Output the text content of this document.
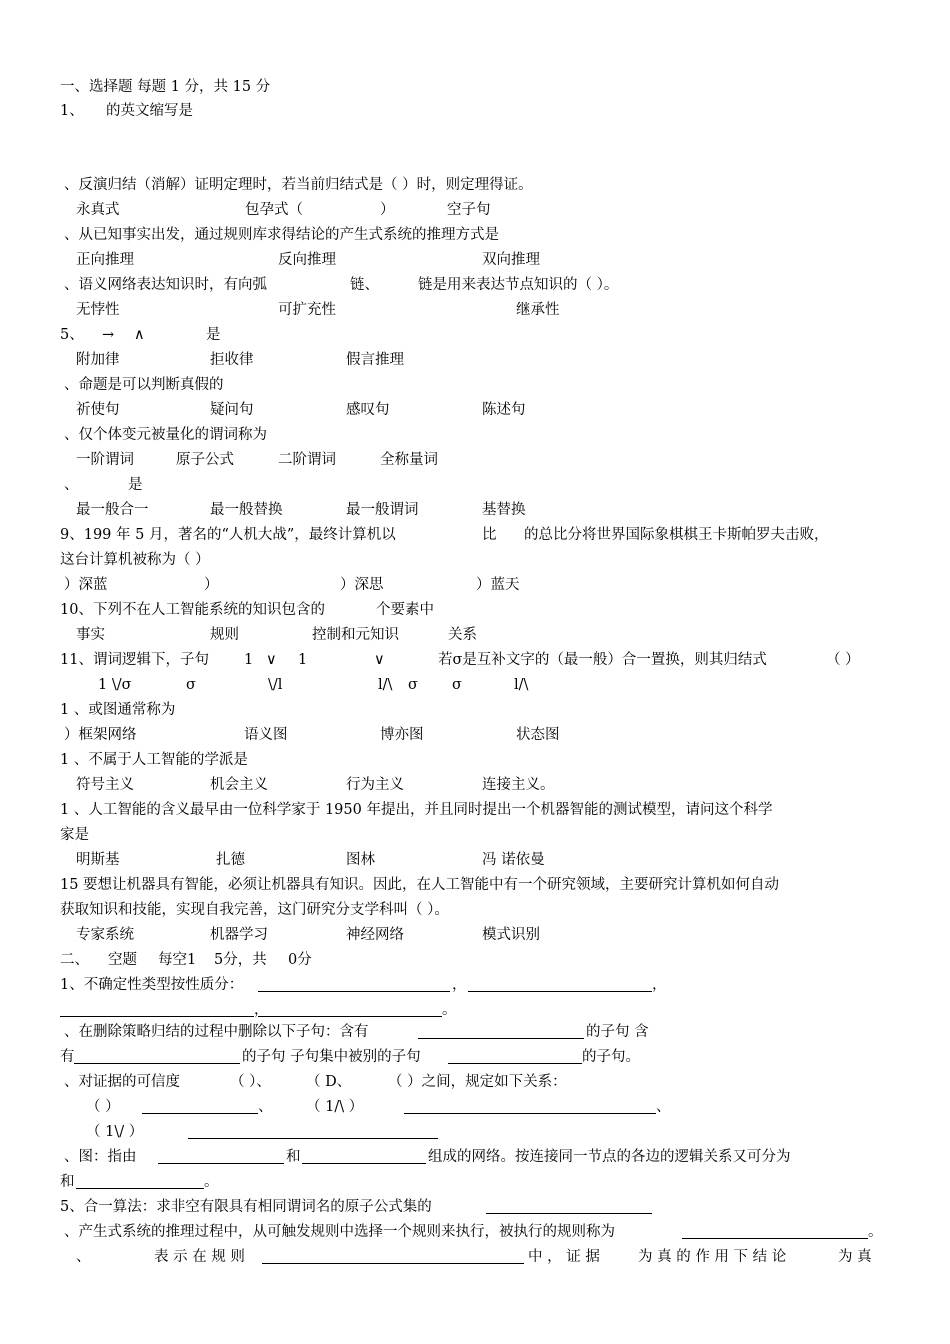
一、选择题 每题 1 分，共 15 分
1、 的英文缩写是
、反演归结（消解）证明定理时，若当前归结式是（ ）时，则定理得证。
永真式	包孕式（	）	空子句
、从已知事实出发，通过规则库求得结论的产生式系统的推理方式是
正向推理	反向推理	双向推理
、语义网络表达知识时，有向弧	链、	链是用来表达节点知识的（ ）。
无悖性	可扩充性	继承性
5、 → ∧	是
附加律	拒收律	假言推理
、命题是可以判断真假的
祈使句	疑问句	感叹句	陈述句
、仅个体变元被量化的谓词称为
一阶谓词	原子公式	二阶谓词	全称量词
、	是
最一般合一	最一般替换	最一般谓词	基替换
9、199 年 5 月，著名的“人机大战”，最终计算机以	比 的总比分将世界国际象棋棋王卡斯帕罗夫击败，
这台计算机被称为（ ）
）深蓝	）	）深思	）蓝天
10、下列不在人工智能系统的知识包含的	个要素中
事实	规则	控制和元知识	关系
11、谓词逻辑下，子句 1 ∨ 1	∨	若σ是互补文字的（最一般）合一置换，则其归结式	（ ）
1 \/σ	σ	\/l	l/\ σ σ	l/\
1 、或图通常称为
）框架网络	语义图	博亦图	状态图
1 、不属于人工智能的学派是
符号主义	机会主义	行为主义	连接主义。
1 、人工智能的含义最早由一位科学家于 1950 年提出，并且同时提出一个机器智能的测试模型，请问这个科学
家是
明斯基	扎德	图林	冯 诺依曼
15 要想让机器具有智能，必须让机器具有知识。因此，在人工智能中有一个研究领域，主要研究计算机如何自动
获取知识和技能，实现自我完善，这门研究分支学科叫（ ）。
专家系统	机器学习	神经网络	模式识别
二、 空题 每空1 5分，共 0分
1、不确定性类型按性质分：	，	，
，	。
、在删除策略归结的过程中删除以下子句：含有	的子句 含
有	的子句 子句集中被别的子句	的子句。
、对证据的可信度	（ ）、 （ D、	（ ）之间，规定如下关系：
（ ）	、 （ 1/\ ）	、
（ 1\/ ）
、图：指由	和	组成的网络。按连接同一节点的各边的逻辑关系又可分为
和	。
5、合一算法：求非空有限具有相同谓词名的原子公式集的
、产生式系统的推理过程中，从可触发规则中选择一个规则来执行，被执行的规则称为	。
、	表 示 在 规 则	中 ， 证 据	为 真 的 作 用 下 结 论	为 真
